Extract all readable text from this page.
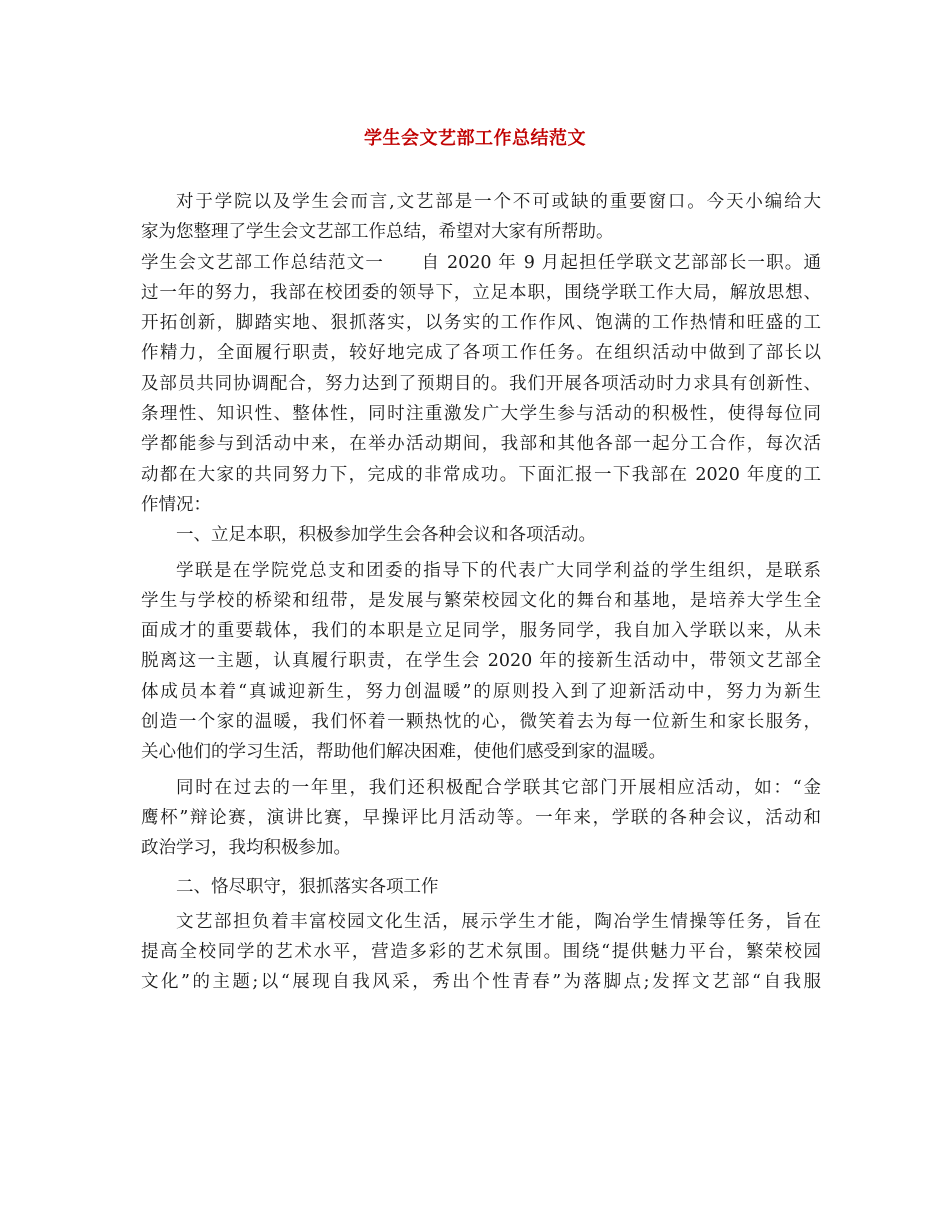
学生会文艺部工作总结范文
对于学院以及学生会而言,文艺部是一个不可或缺的重要窗口。今天小编给大
家为您整理了学生会文艺部工作总结，希望对大家有所帮助。
学生会文艺部工作总结范文一　　自 2020 年 9 月起担任学联文艺部部长一职。通
过一年的努力，我部在校团委的领导下，立足本职，围绕学联工作大局，解放思想、
开拓创新，脚踏实地、狠抓落实，以务实的工作作风、饱满的工作热情和旺盛的工
作精力，全面履行职责，较好地完成了各项工作任务。在组织活动中做到了部长以
及部员共同协调配合，努力达到了预期目的。我们开展各项活动时力求具有创新性、
条理性、知识性、整体性，同时注重激发广大学生参与活动的积极性，使得每位同
学都能参与到活动中来，在举办活动期间，我部和其他各部一起分工合作，每次活
动都在大家的共同努力下，完成的非常成功。下面汇报一下我部在 2020 年度的工
作情况：
一、立足本职，积极参加学生会各种会议和各项活动。
学联是在学院党总支和团委的指导下的代表广大同学利益的学生组织，是联系
学生与学校的桥梁和纽带，是发展与繁荣校园文化的舞台和基地，是培养大学生全
面成才的重要载体，我们的本职是立足同学，服务同学，我自加入学联以来，从未
脱离这一主题，认真履行职责，在学生会 2020 年的接新生活动中，带领文艺部全
体成员本着“真诚迎新生，努力创温暖”的原则投入到了迎新活动中，努力为新生
创造一个家的温暖，我们怀着一颗热忱的心，微笑着去为每一位新生和家长服务，
关心他们的学习生活，帮助他们解决困难，使他们感受到家的温暖。
同时在过去的一年里，我们还积极配合学联其它部门开展相应活动，如：“金
鹰杯”辩论赛，演讲比赛，早操评比月活动等。一年来，学联的各种会议，活动和
政治学习，我均积极参加。
二、恪尽职守，狠抓落实各项工作
文艺部担负着丰富校园文化生活，展示学生才能，陶冶学生情操等任务，旨在
提高全校同学的艺术水平，营造多彩的艺术氛围。围绕“提供魅力平台，繁荣校园
文化”的主题;以“展现自我风采，秀出个性青春”为落脚点;发挥文艺部“自我服
